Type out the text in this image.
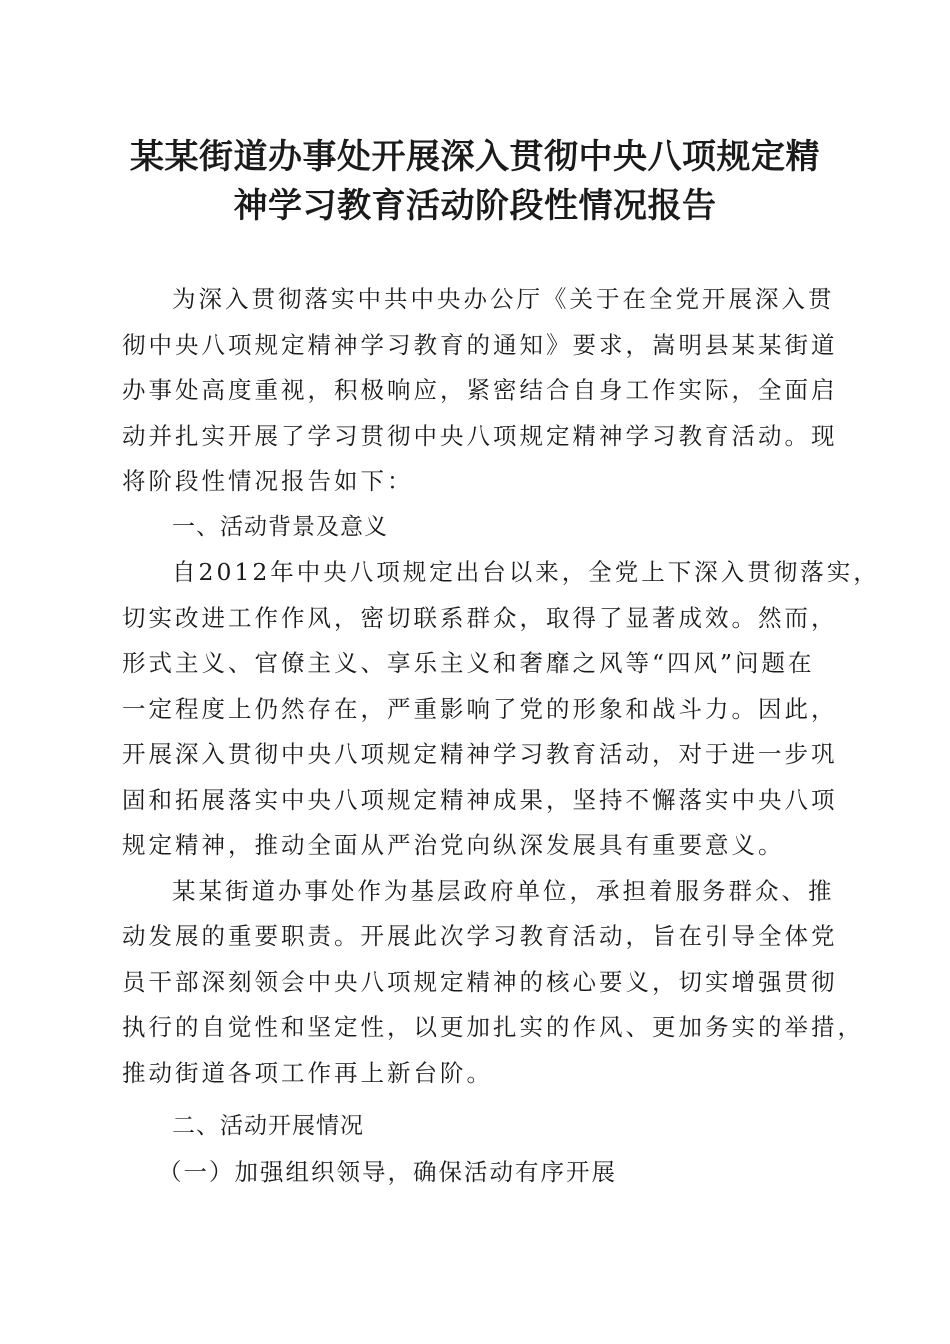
某某街道办事处开展深入贯彻中央八项规定精
神学习教育活动阶段性情况报告
为深入贯彻落实中共中央办公厅《关于在全党开展深入贯
彻中央八项规定精神学习教育的通知》要求，嵩明县某某街道
办事处高度重视，积极响应，紧密结合自身工作实际，全面启
动并扎实开展了学习贯彻中央八项规定精神学习教育活动。现
将阶段性情况报告如下：
一、活动背景及意义
自2012年中央八项规定出台以来，全党上下深入贯彻落实，
切实改进工作作风，密切联系群众，取得了显著成效。然而，
形式主义、官僚主义、享乐主义和奢靡之风等“四风”问题在
一定程度上仍然存在，严重影响了党的形象和战斗力。因此，
开展深入贯彻中央八项规定精神学习教育活动，对于进一步巩
固和拓展落实中央八项规定精神成果，坚持不懈落实中央八项
规定精神，推动全面从严治党向纵深发展具有重要意义。
某某街道办事处作为基层政府单位，承担着服务群众、推
动发展的重要职责。开展此次学习教育活动，旨在引导全体党
员干部深刻领会中央八项规定精神的核心要义，切实增强贯彻
执行的自觉性和坚定性，以更加扎实的作风、更加务实的举措，
推动街道各项工作再上新台阶。
二、活动开展情况
（一）加强组织领导，确保活动有序开展
